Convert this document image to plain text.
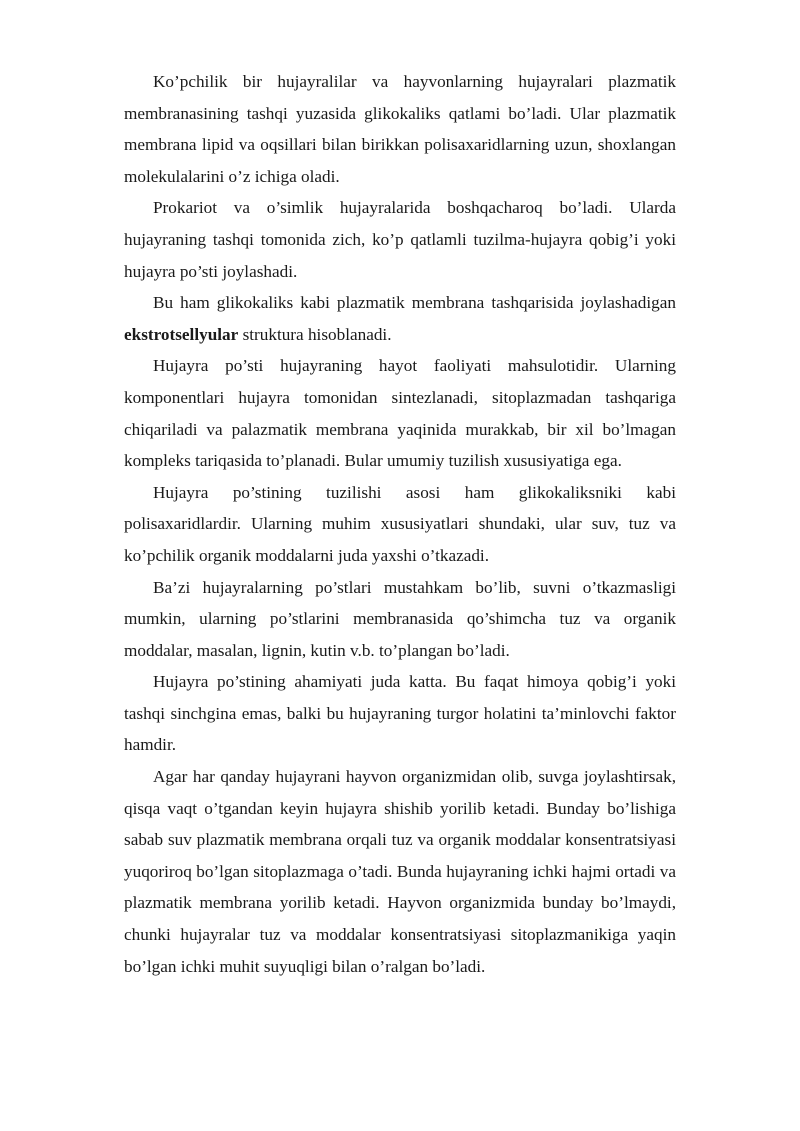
Ko’pchilik bir hujayralilar va hayvonlarning hujayralari plazmatik membranasining tashqi yuzasida glikokaliks qatlami bo’ladi. Ular plazmatik membrana lipid va oqsillari bilan birikkan polisaxaridlarning uzun, shoxlangan molekulalarini o’z ichiga oladi.

Prokariot va o’simlik hujayralarida boshqacharoq bo’ladi. Ularda hujayraning tashqi tomonida zich, ko’p qatlamli tuzilma-hujayra qobig’i yoki hujayra po’sti joylashadi.

Bu ham glikokaliks kabi plazmatik membrana tashqarisida joylashadigan ekstrotsellyular struktura hisoblanadi.

Hujayra po’sti hujayraning hayot faoliyati mahsulotidir. Ularning komponentlari hujayra tomonidan sintezlanadi, sitoplazmadan tashqariga chiqariladi va palazmatik membrana yaqinida murakkab, bir xil bo’lmagan kompleks tariqasida to’planadi. Bular umumiy tuzilish xususiyatiga ega.

Hujayra po’stining tuzilishi asosi ham glikokaliksniki kabi polisaxaridlardir. Ularning muhim xususiyatlari shundaki, ular suv, tuz va ko’pchilik organik moddalarni juda yaxshi o’tkazadi.

Ba’zi hujayralarning po’stlari mustahkam bo’lib, suvni o’tkazmasligi mumkin, ularning po’stlarini membranasida qo’shimcha tuz va organik moddalar, masalan, lignin, kutin v.b. to’plangan bo’ladi.

Hujayra po’stining ahamiyati juda katta. Bu faqat himoya qobig’i yoki tashqi sinchgina emas, balki bu hujayraning turgor holatini ta’minlovchi faktor hamdir.

Agar har qanday hujayrani hayvon organizmidan olib, suvga joylashtirsak, qisqa vaqt o’tgandan keyin hujayra shishib yorilib ketadi. Bunday bo’lishiga sabab suv plazmatik membrana orqali tuz va organik moddalar konsentratsiyasi yuqoriroq bo’lgan sitoplazmaga o’tadi. Bunda hujayraning ichki hajmi ortadi va plazmatik membrana yorilib ketadi. Hayvon organizmida bunday bo’lmaydi, chunki hujayralar tuz va moddalar konsentratsiyasi sitoplazmanikiga yaqin bo’lgan ichki muhit suyuqligi bilan o’ralgan bo’ladi.
